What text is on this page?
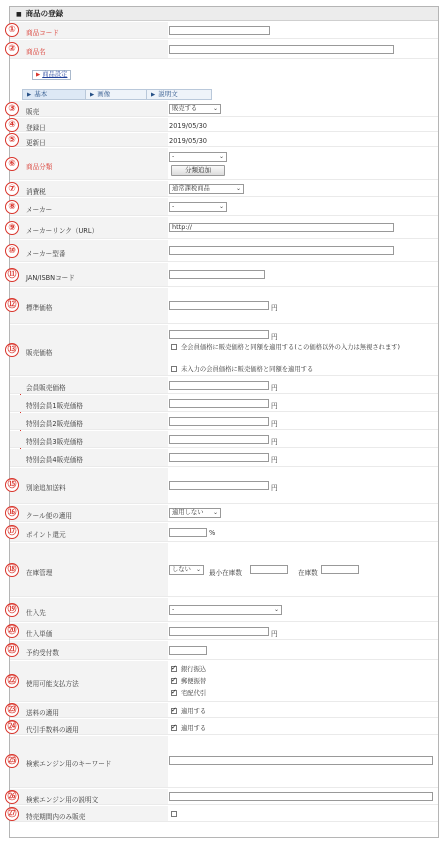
■ 商品の登録
①	商品コード
②	商品名
▶ 商品設定
▶ 基本	▶ 画像	▶ 説明文
③	販売	販売する	⌄
④	登録日	2019/05/30
⑤	更新日	2019/05/30
⑥	商品分類
-	⌄
分類追加
⑦	消費税	通常課税商品	⌄
⑧	メーカー	-	⌄
⑨	メーカーリンク（URL）	http://
⑩	メーカー型番
⑪	JAN/ISBNコード
⑫	標準価格	円
⑬	販売価格
円
全会員価格に販売価格と同額を適用する(この価格以外の入力は無視されます)
未入力の会員価格に販売価格と同額を適用する
会員販売価格	円
特別会員1販売価格	円
特別会員2販売価格	円
特別会員3販売価格	円
特別会員4販売価格	円
⑮	別途追加送料	円
⑯	クール便の適用	適用しない ⌄
⑰	ポイント還元	%
⑱	在庫管理	しない ⌄ 最小在庫数	在庫数
⑲	仕入先	-	⌄
⑳	仕入単価	円
㉑	予約受付数
㉒	使用可能支払方法
✓銀行振込
✓郵便振替
✓宅配代引
㉓	送料の適用 ✓	適用する
㉔	代引手数料の適用 ✓	適用する
㉕	検索エンジン用のキーワード
㉖	検索エンジン用の説明文
㉗	特売期間内のみ販売
